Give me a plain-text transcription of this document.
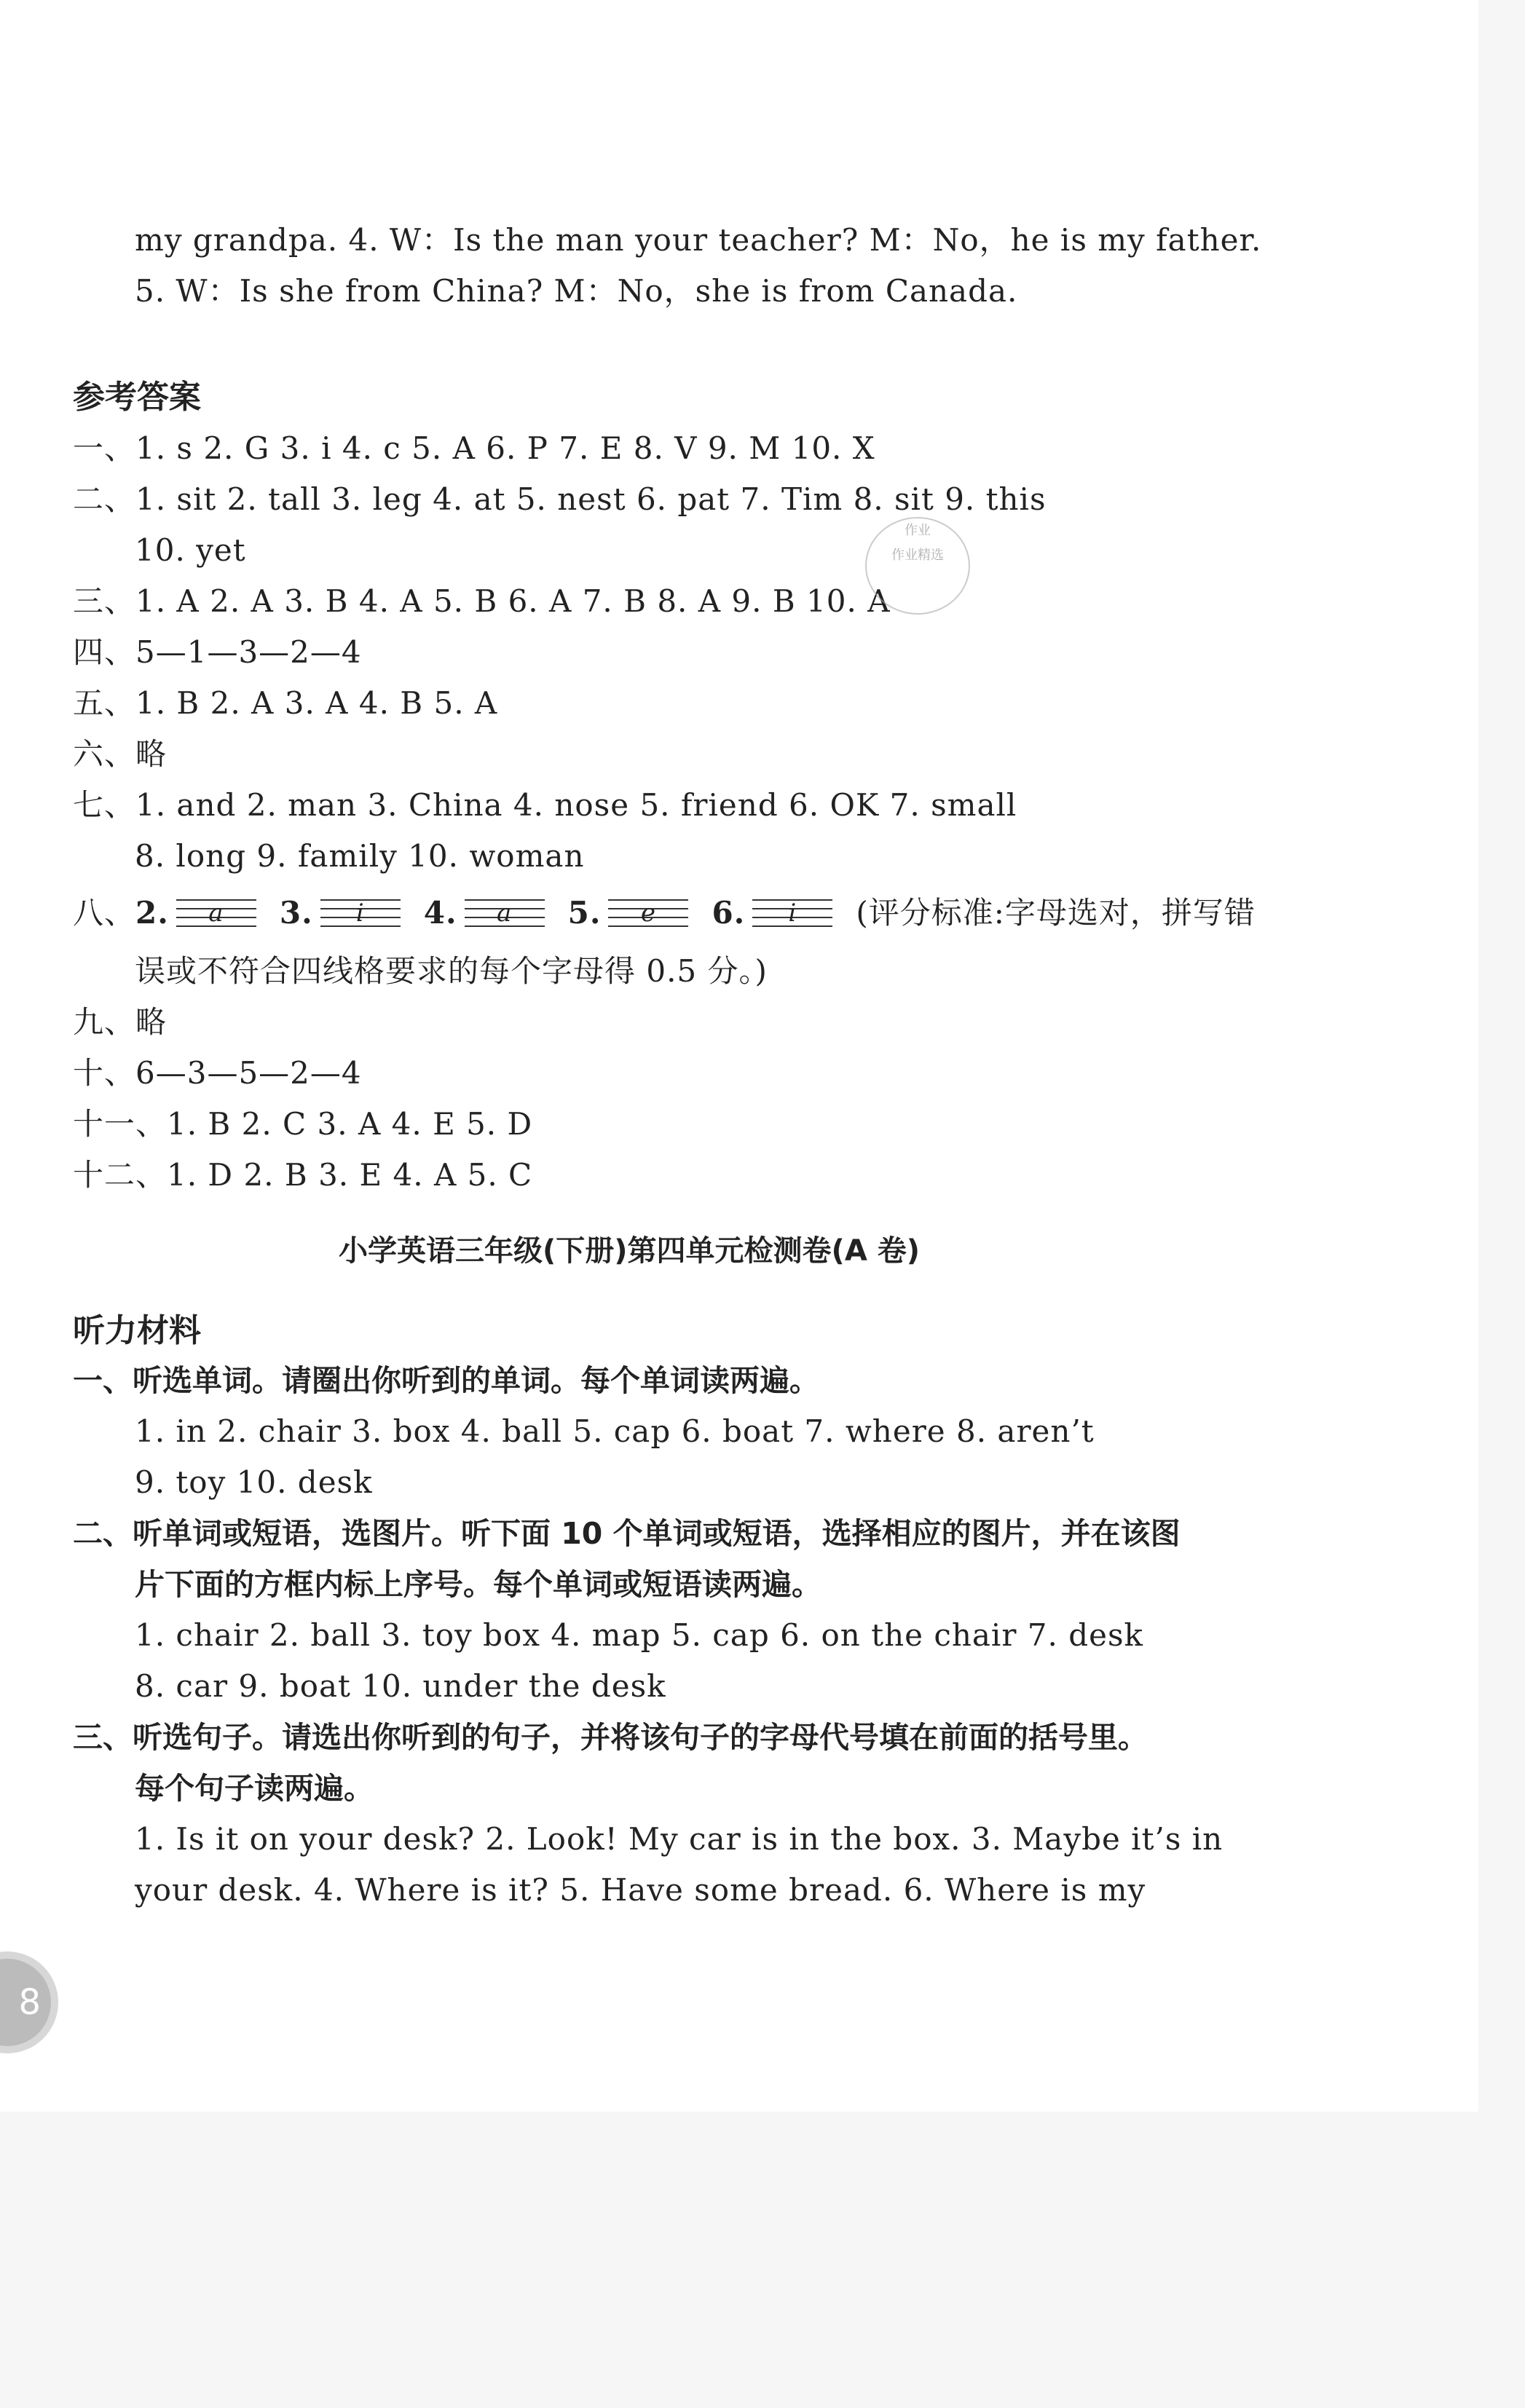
my grandpa. 4. W：Is the man your teacher? M：No，he is my father.
5. W：Is she from China? M：No，she is from Canada.
参考答案
一、1. s 2. G 3. i 4. c 5. A 6. P 7. E 8. V 9. M 10. X
二、1. sit 2. tall 3. leg 4. at 5. nest 6. pat 7. Tim 8. sit 9. this
10. yet
三、1. A 2. A 3. B 4. A 5. B 6. A 7. B 8. A 9. B 10. A
四、5—1—3—2—4
五、1. B 2. A 3. A 4. B 5. A
六、略
七、1. and 2. man 3. China 4. nose 5. friend 6. OK 7. small
8. long 9. family 10. woman
八、2.	a	3.	i	4.	a	5.	e	6.	i	(评分标准:字母选对，拼写错
误或不符合四线格要求的每个字母得 0.5 分。)
九、略
十、6—3—5—2—4
十一、1. B 2. C 3. A 4. E 5. D
十二、1. D 2. B 3. E 4. A 5. C
小学英语三年级(下册)第四单元检测卷(A 卷)
听力材料
一、听选单词。请圈出你听到的单词。每个单词读两遍。
1. in 2. chair 3. box 4. ball 5. cap 6. boat 7. where 8. aren’t
9. toy 10. desk
二、听单词或短语，选图片。听下面 10 个单词或短语，选择相应的图片，并在该图
片下面的方框内标上序号。每个单词或短语读两遍。
1. chair 2. ball 3. toy box 4. map 5. cap 6. on the chair 7. desk
8. car 9. boat 10. under the desk
三、听选句子。请选出你听到的句子，并将该句子的字母代号填在前面的括号里。
每个句子读两遍。
1. Is it on your desk? 2. Look! My car is in the box. 3. Maybe it’s in
your desk. 4. Where is it? 5. Have some bread. 6. Where is my
作业
作业精选
8
